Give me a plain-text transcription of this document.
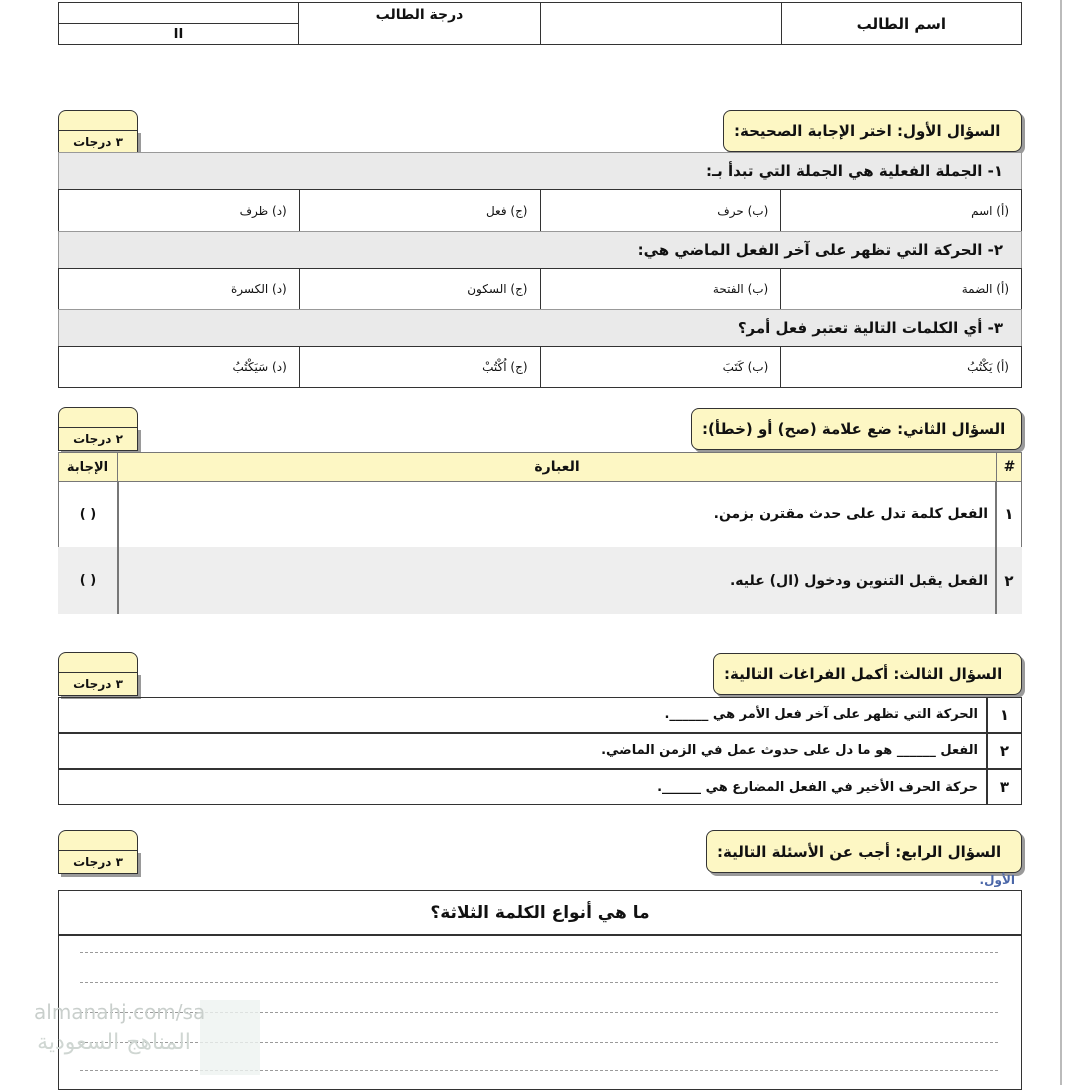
اسم الطالب
درجة الطالب
II
٣ درجات
السؤال الأول: اختر الإجابة الصحيحة:
١- الجملة الفعلية هي الجملة التي تبدأ بـ:
(أ) اسم
(ب) حرف
(ج) فعل
(د) ظرف
٢- الحركة التي تظهر على آخر الفعل الماضي هي:
(أ) الضمة
(ب) الفتحة
(ج) السكون
(د) الكسرة
٣- أي الكلمات التالية تعتبر فعل أمر؟
(أ) يَكْتُبُ
(ب) كَتَبَ
(ج) اُكْتُبْ
(د) سَيَكْتُبُ
٢ درجات
السؤال الثاني: ضع علامة (صح) أو (خطأ):
#
العبارة
الإجابة
١
الفعل كلمة تدل على حدث مقترن بزمن.
( )
٢
الفعل يقبل التنوين ودخول (ال) عليه.
( )
٣ درجات
السؤال الثالث: أكمل الفراغات التالية:
١
الحركة التي تظهر على آخر فعل الأمر هي ______.
٢
الفعل ______ هو ما دل على حدوث عمل في الزمن الماضي.
٣
حركة الحرف الأخير في الفعل المضارع هي ______.
٣ درجات
السؤال الرابع: أجب عن الأسئلة التالية:
الأول.
ما هي أنواع الكلمة الثلاثة؟
almanahj.com/sa
المناهج السعودية
